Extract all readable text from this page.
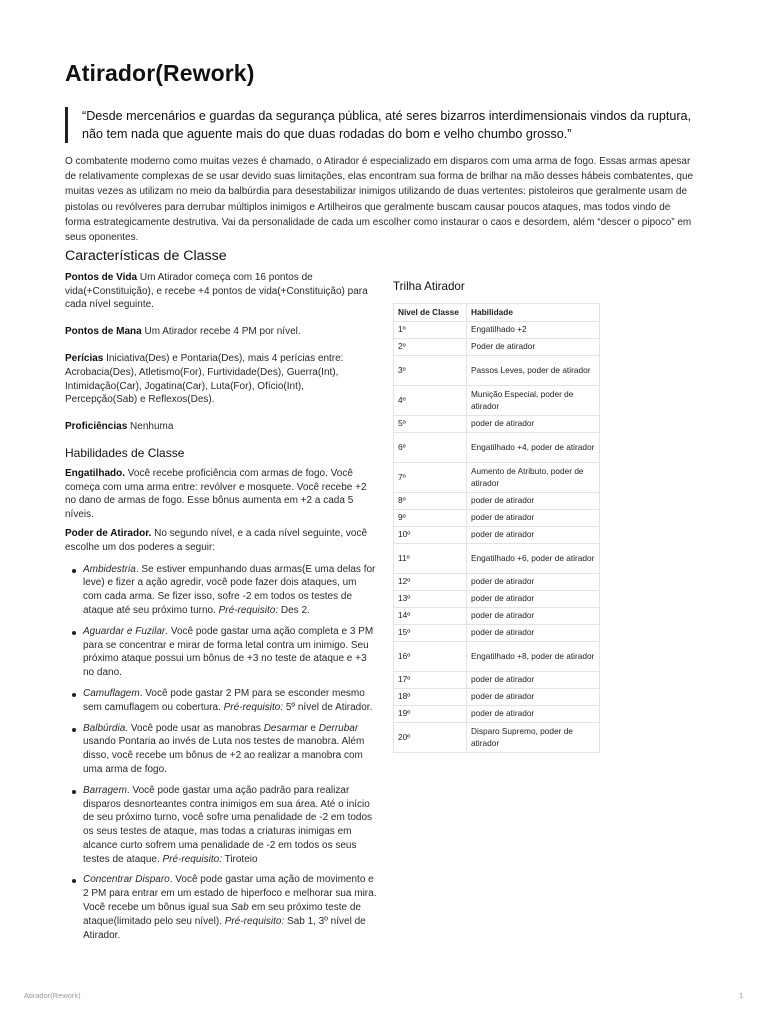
Atirador(Rework)
“Desde mercenários e guardas da segurança pública, até seres bizarros interdimensionais vindos da ruptura, não tem nada que aguente mais do que duas rodadas do bom e velho chumbo grosso.”
O combatente moderno como muitas vezes é chamado, o Atirador é especializado em disparos com uma arma de fogo. Essas armas apesar de relativamente complexas de se usar devido suas limitações, elas encontram sua forma de brilhar na mão desses hábeis combatentes, que muitas vezes as utilizam no meio da balbúrdia para desestabilizar inimigos utilizando de duas vertentes: pistoleiros que geralmente usam de pistolas ou revólveres para derrubar múltiplos inimigos e Artilheiros que geralmente buscam causar poucos ataques, mas todos vindo de forma estrategicamente destrutiva. Vai da personalidade de cada um escolher como instaurar o caos e desordem, além “descer o pipoco” em seus oponentes.
Características de Classe

Pontos de Vida Um Atirador começa com 16 pontos de vida(+Constituição), e recebe +4 pontos de vida(+Constituição) para cada nível seguinte.

Pontos de Mana Um Atirador recebe 4 PM por nível.

Perícias Iniciativa(Des) e Pontaria(Des), mais 4 perícias entre: Acrobacia(Des), Atletismo(For), Furtividade(Des), Guerra(Int), Intimidação(Car), Jogatina(Car), Luta(For), Ofício(Int), Percepção(Sab) e Reflexos(Des).

Proficiências Nenhuma

Habilidades de Classe

Engatilhado. Você recebe proficiência com armas de fogo. Você começa com uma arma entre: revólver e mosquete. Você recebe +2 no dano de armas de fogo. Esse bônus aumenta em +2 a cada 5 níveis.

Poder de Atirador. No segundo nível, e a cada nível seguinte, você escolhe um dos poderes a seguir:

Ambidestria. Se estiver empunhando duas armas(E uma delas for leve) e fizer a ação agredir, você pode fazer dois ataques, um com cada arma. Se fizer isso, sofre -2 em todos os testes de ataque até seu próximo turno. Pré-requisito: Des 2.
Aguardar e Fuzilar. Você pode gastar uma ação completa e 3 PM para se concentrar e mirar de forma letal contra um inimigo. Seu próximo ataque possui um bônus de +3 no teste de ataque e +3 no dano.
Camuflagem. Você pode gastar 2 PM para se esconder mesmo sem camuflagem ou cobertura. Pré-requisito: 5º nível de Atirador.
Balbúrdia. Você pode usar as manobras Desarmar e Derrubar usando Pontaria ao invés de Luta nos testes de manobra. Além disso, você recebe um bônus de +2 ao realizar a manobra com uma arma de fogo.
Barragem. Você pode gastar uma ação padrão para realizar disparos desnorteantes contra inimigos em sua área. Até o início de seu próximo turno, você sofre uma penalidade de -2 em todos os seus testes de ataque, mas todas a criaturas inimigas em alcance curto sofrem uma penalidade de -2 em todos os seus testes de ataque. Pré-requisito: Tiroteio
Concentrar Disparo. Você pode gastar uma ação de movimento e 2 PM para entrar em um estado de hiperfoco e melhorar sua mira. Você recebe um bônus igual sua Sab em seu próximo teste de ataque(limitado pelo seu nível). Pré-requisito: Sab 1, 3º nível de Atirador.
Trilha Atirador
Nível de Classe	Habilidade
1º	Engatilhado +2
2º	Poder de atirador
3º	Passos Leves, poder de atirador
4º	Munição Especial, poder de atirador
5º	poder de atirador
6º	Engatilhado +4, poder de atirador
7º	Aumento de Atributo, poder de atirador
8º	poder de atirador
9º	poder de atirador
10º	poder de atirador
11º	Engatilhado +6, poder de atirador
12º	poder de atirador
13º	poder de atirador
14º	poder de atirador
15º	poder de atirador
16º	Engatilhado +8, poder de atirador
17º	poder de atirador
18º	poder de atirador
19º	poder de atirador
20º	Disparo Supremo, poder de atirador
Atirador(Rework)	1
